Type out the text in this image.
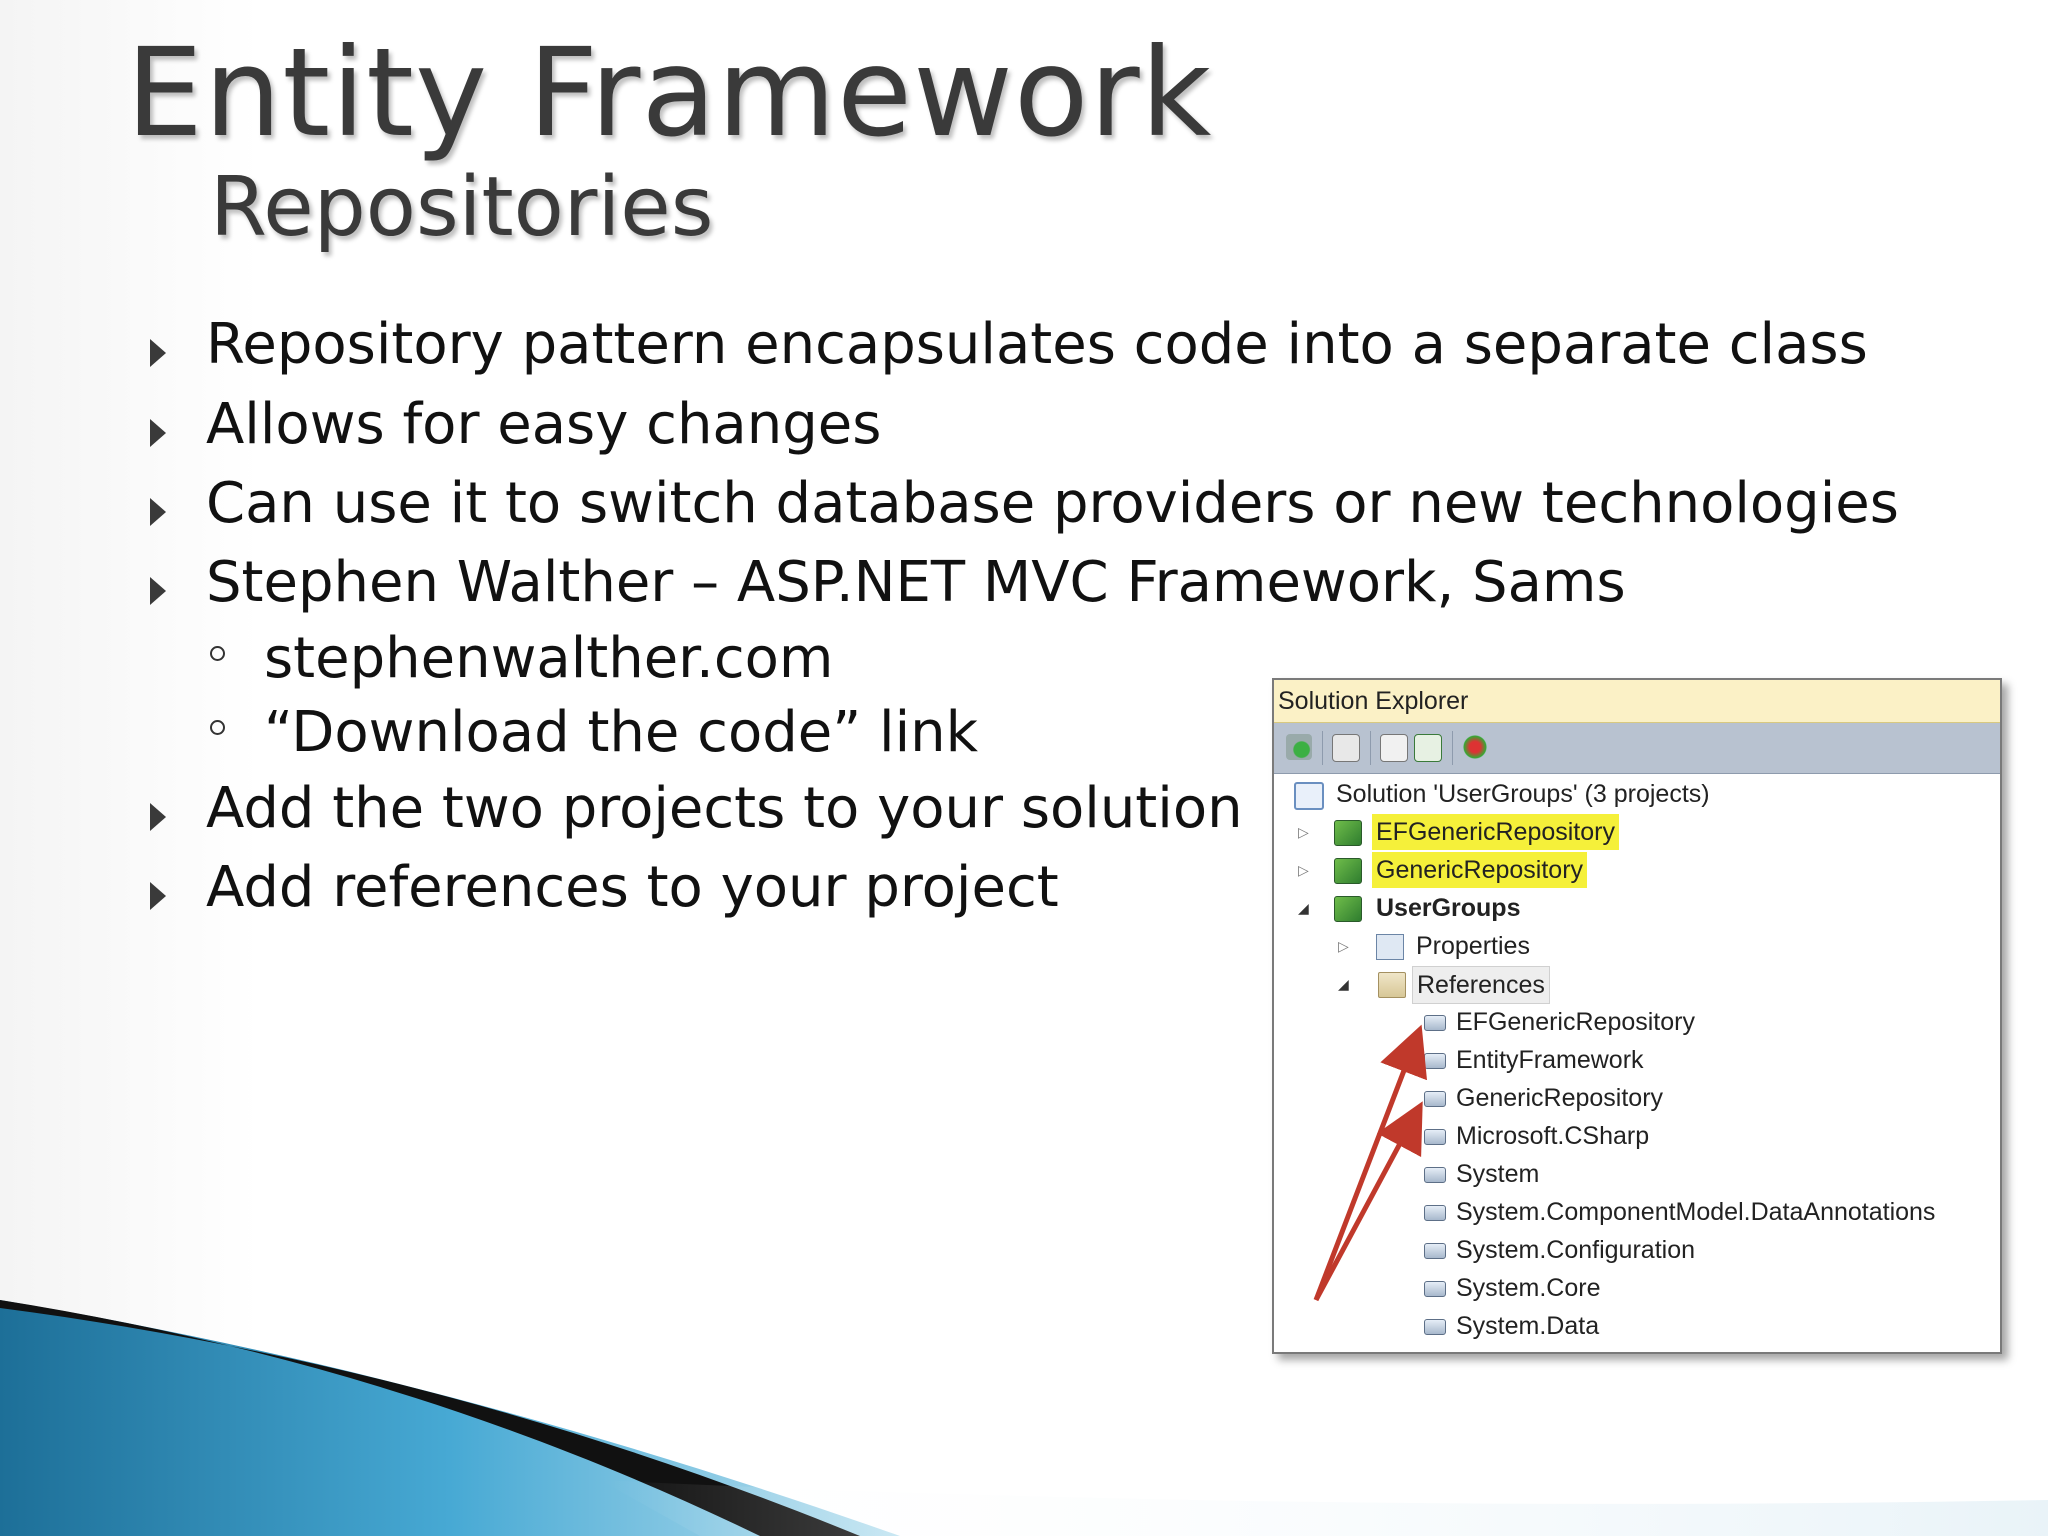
Entity Framework
Repositories
Repository pattern encapsulates code into a separate class
Allows for easy changes
Can use it to switch database providers or new technologies
Stephen Walther – ASP.NET MVC Framework, Sams
stephenwalther.com
“Download the code” link
Add the two projects to your solution
Add references to your project
Solution Explorer
Solution 'UserGroups' (3 projects)
▷	EFGenericRepository
▷	GenericRepository
◢	UserGroups
▷	Properties
◢	References
EFGenericRepository
EntityFramework
GenericRepository
Microsoft.CSharp
System
System.ComponentModel.DataAnnotations
System.Configuration
System.Core
System.Data
